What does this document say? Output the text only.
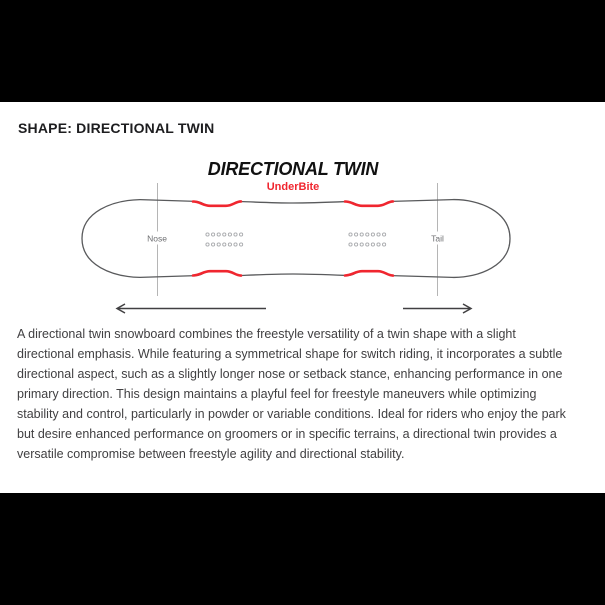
SHAPE: DIRECTIONAL TWIN
DIRECTIONAL TWIN
UnderBite
Nose	Tail
A directional twin snowboard combines the freestyle versatility of a twin shape with a slight
directional emphasis. While featuring a symmetrical shape for switch riding, it incorporates a subtle
directional aspect, such as a slightly longer nose or setback stance, enhancing performance in one
primary direction. This design maintains a playful feel for freestyle maneuvers while optimizing
stability and control, particularly in powder or variable conditions. Ideal for riders who enjoy the park
but desire enhanced performance on groomers or in specific terrains, a directional twin provides a
versatile compromise between freestyle agility and directional stability.
